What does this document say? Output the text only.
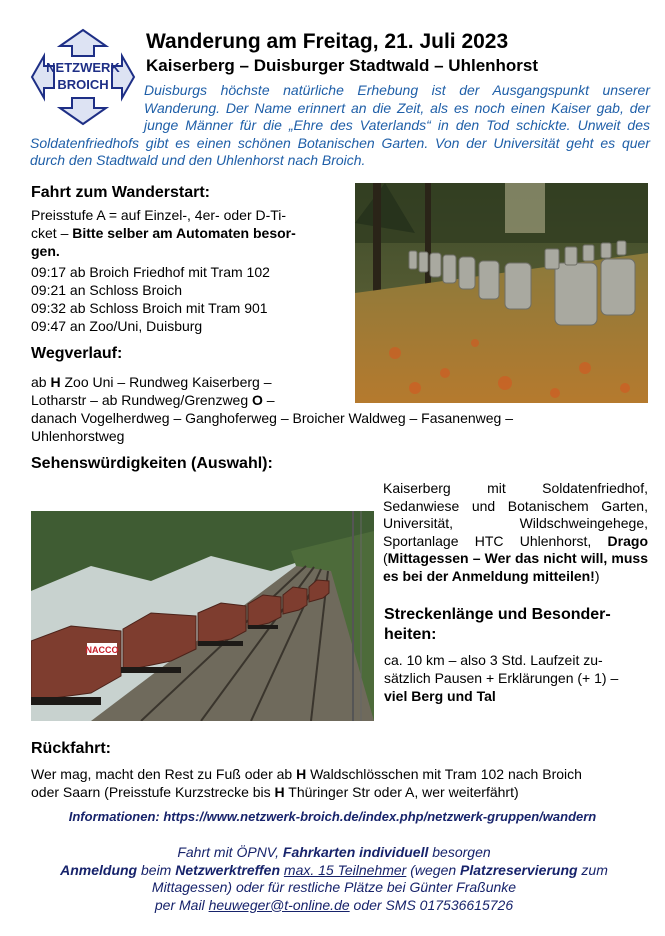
NETZWERK
BROICH
Wanderung am Freitag, 21. Juli 2023
Kaiserberg – Duisburger Stadtwald – Uhlenhorst
Duisburgs höchste natürliche Erhebung ist der Ausgangspunkt unserer Wanderung. Der Name erinnert an die Zeit, als es noch einen Kaiser gab, der junge Männer für die „Ehre des Vaterlands“ in den Tod schickte. Unweit des Soldatenfriedhofs gibt es einen schönen Botanischen Garten. Von der Universität geht es quer durch den Stadtwald und den Uhlenhorst nach Broich.
Fahrt zum Wanderstart:
Preisstufe A = auf Einzel-, 4er- oder D-Ti-
cket – Bitte selber am Automaten besor-
gen.
09:17 ab Broich Friedhof mit Tram 102
09:21 an Schloss Broich
09:32 ab Schloss Broich mit Tram 901
09:47 an Zoo/Uni, Duisburg
Wegverlauf:
ab H Zoo Uni – Rundweg Kaiserberg –
Lotharstr – ab Rundweg/Grenzweg O –
danach Vogelherdweg – Ganghoferweg – Broicher Waldweg – Fasanenweg –
Uhlenhorstweg
Sehenswürdigkeiten (Auswahl):
Kaiserberg mit Soldatenfriedhof, Sedanwiese und Botanischem Garten, Universität, Wildschweingehege, Sportanlage HTC Uhlenhorst, Drago (Mittagessen – Wer das nicht will, muss es bei der Anmeldung mitteilen!)
NACCO
Streckenlänge und Besonder-
heiten:
ca. 10 km – also 3 Std. Laufzeit zu-
sätzlich Pausen + Erklärungen (+ 1) –
viel Berg und Tal
Rückfahrt:
Wer mag, macht den Rest zu Fuß oder ab H Waldschlösschen mit Tram 102 nach Broich
oder Saarn (Preisstufe Kurzstrecke bis H Thüringer Str oder A, wer weiterfährt)
Informationen: https://www.netzwerk-broich.de/index.php/netzwerk-gruppen/wandern
Fahrt mit ÖPNV, Fahrkarten individuell besorgen
Anmeldung beim Netzwerktreffen max. 15 Teilnehmer (wegen Platzreservierung zum
Mittagessen) oder für restliche Plätze bei Günter Fraßunke
per Mail heuweger@t-online.de oder SMS 017536615726
